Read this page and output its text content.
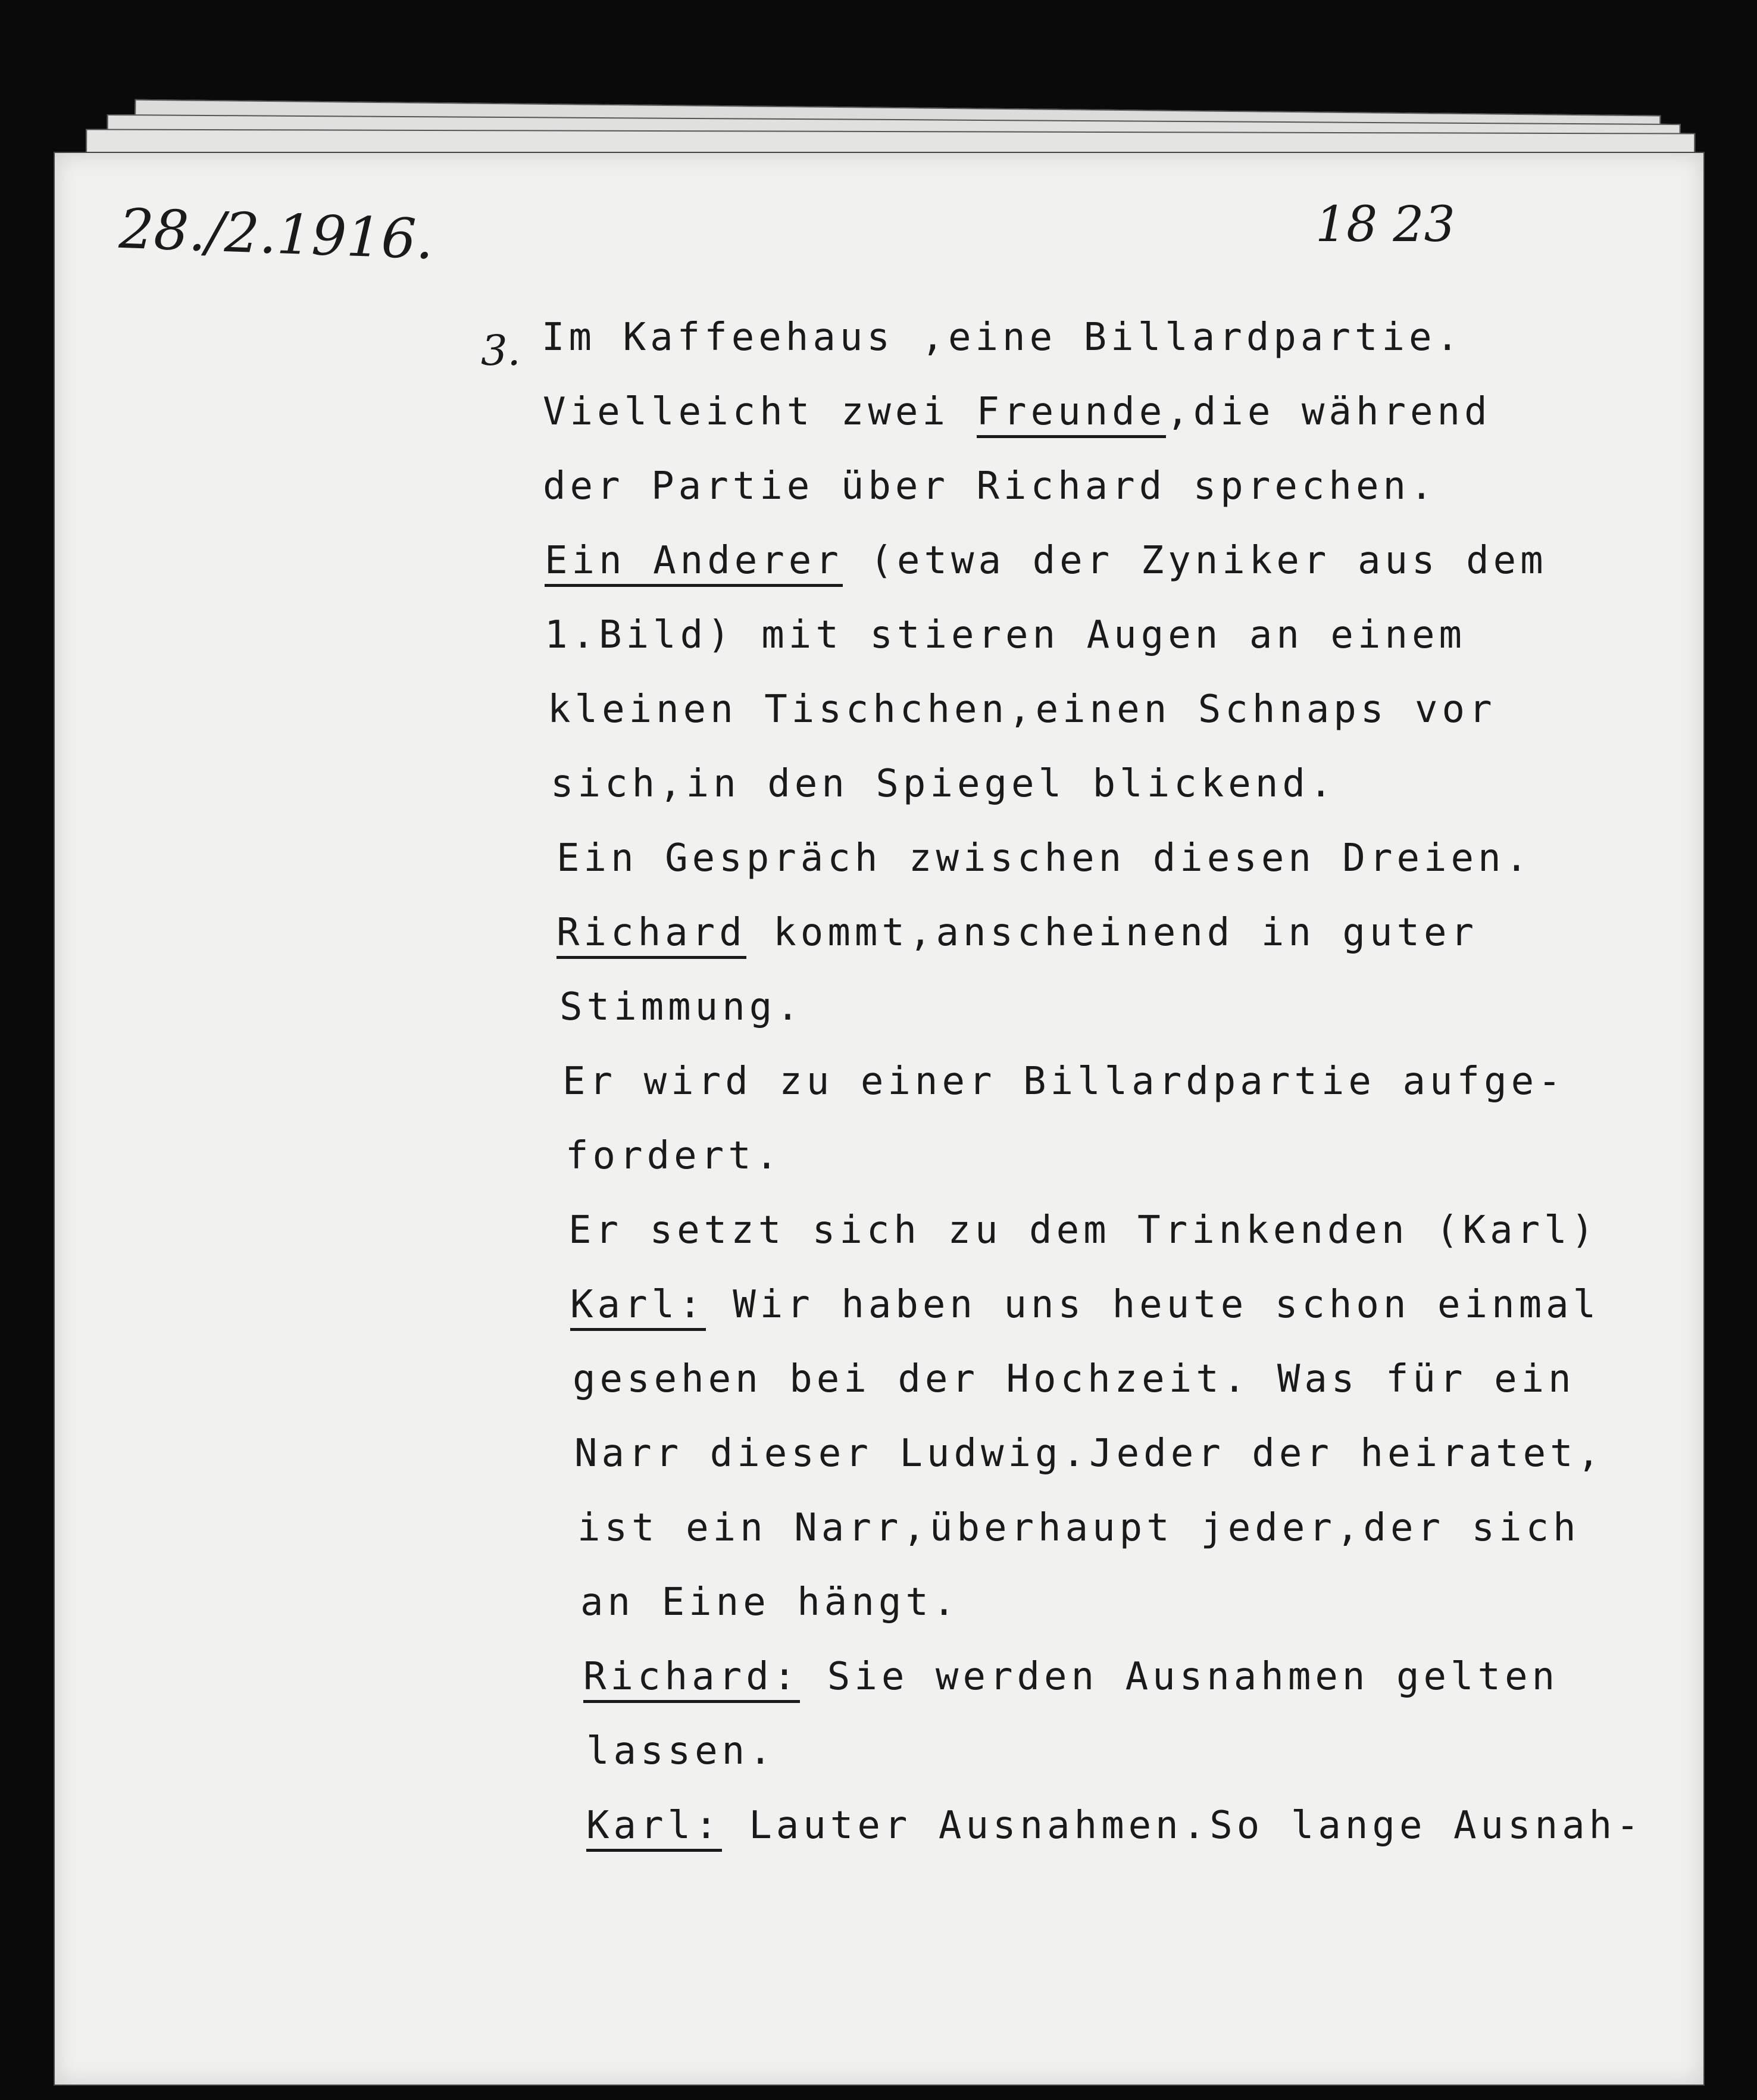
28./2.1916.	18 23
3. Im Kaffeehaus ,eine Billardpartie.
Vielleicht zwei Freunde,die während
der Partie über Richard sprechen.
Ein Anderer (etwa der Zyniker aus dem
1.Bild) mit stieren Augen an einem
kleinen Tischchen,einen Schnaps vor
sich,in den Spiegel blickend.
Ein Gespräch zwischen diesen Dreien.
Richard kommt,anscheinend in guter
Stimmung.
Er wird zu einer Billardpartie aufge-
fordert.
Er setzt sich zu dem Trinkenden (Karl)
Karl: Wir haben uns heute schon einmal
gesehen bei der Hochzeit. Was für ein
Narr dieser Ludwig.Jeder der heiratet,
ist ein Narr,überhaupt jeder,der sich
an Eine hängt.
Richard: Sie werden Ausnahmen gelten
lassen.
Karl: Lauter Ausnahmen.So lange Ausnah-
